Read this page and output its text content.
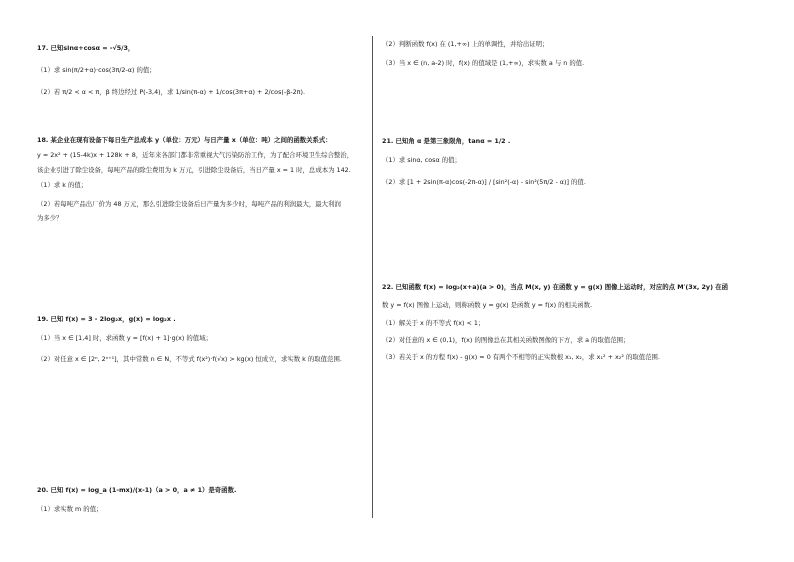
17. 已知sinα+cosα = -√5/3，
（1）求 sin(π/2+α)·cos(3π/2-α) 的值；
（2）若 π/2 < α < π，β 终边经过 P(-3,4)，求 1/sin(π-α) + 1/cos(3π+α) + 2/cos(-β-2π).
18. 某企业在现有设备下每日生产总成本 y（单位：万元）与日产量 x（单位：吨）之间的函数关系式：
y = 2x² + (15-4k)x + 128k + 8，近年来各部门都非常重视大气污染防治工作，为了配合环境卫生综合整治，
该企业引进了除尘设备，每吨产品的除尘费用为 k 万元，引进除尘设备后，当日产量 x = 1 时，总成本为 142.
（1）求 k 的值；
（2）若每吨产品出厂价为 48 万元，那么引进除尘设备后日产量为多少时，每吨产品的利润最大，最大利润
为多少？
19. 已知 f(x) = 3 - 2log₂x，g(x) = log₂x .
（1）当 x ∈ [1,4] 时，求函数 y = [f(x) + 1]·g(x) 的值域；
（2）对任意 x ∈ [2ⁿ, 2ⁿ⁺¹]，其中常数 n ∈ N，不等式 f(x²)·f(√x) > kg(x) 恒成立，求实数 k 的取值范围.
20. 已知 f(x) = log_a (1-mx)/(x-1)（a > 0，a ≠ 1）是奇函数.
（1）求实数 m 的值；
（2）判断函数 f(x) 在 (1,+∞) 上的单调性，并给出证明；
（3）当 x ∈ (n, a-2) 时，f(x) 的值域是 (1,+∞)，求实数 a 与 n 的值.
21. 已知角 α 是第三象限角，tanα = 1/2 .
（1）求 sinα, cosα 的值；
（2）求 [1 + 2sin(π-α)cos(-2π-α)] / [sin²(-α) - sin²(5π/2 - α)] 的值.
22. 已知函数 f(x) = log₂(x+a)(a > 0)，当点 M(x, y) 在函数 y = g(x) 图像上运动时，对应的点 M′(3x, 2y) 在函
数 y = f(x) 图像上运动，则称函数 y = g(x) 是函数 y = f(x) 的相关函数.
（1）解关于 x 的不等式 f(x) < 1；
（2）对任意的 x ∈ (0,1)，f(x) 的图像总在其相关函数图像的下方，求 a 的取值范围；
（3）若关于 x 的方程 f(x) - g(x) = 0 有两个不相等的正实数根 x₁, x₂，求 x₁² + x₂² 的取值范围.
